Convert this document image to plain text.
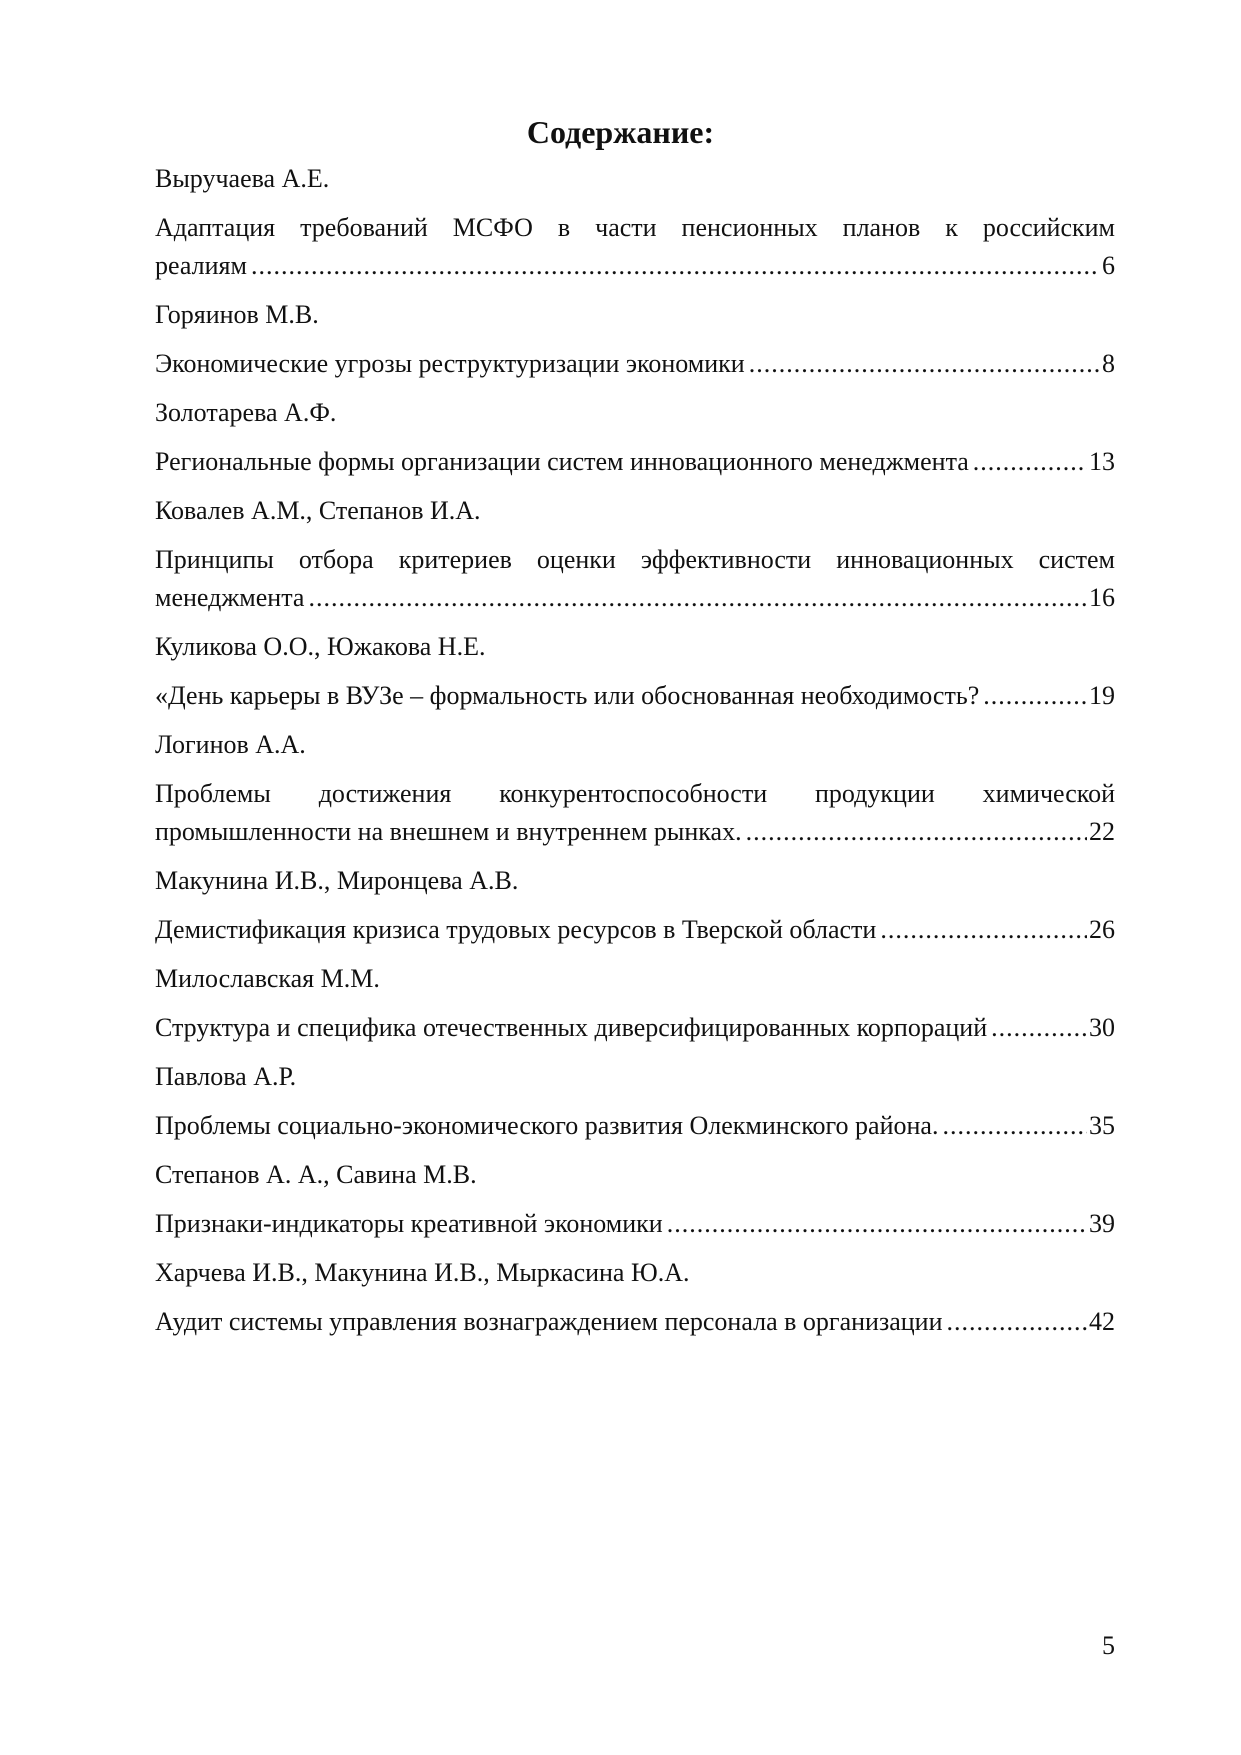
Содержание:
Выручаева А.Е.
Адаптация требований МСФО в части пенсионных планов к российским
реалиям .....	6
Горяинов М.В.
Экономические угрозы реструктуризации экономики .....	8
Золотарева А.Ф.
Региональные формы организации систем инновационного менеджмента .....	13
Ковалев А.М., Степанов И.А.
Принципы отбора критериев оценки эффективности инновационных систем
менеджмента .....	16
Куликова О.О., Южакова Н.Е.
«День карьеры в ВУЗе – формальность или обоснованная необходимость? .....	19
Логинов А.А.
Проблемы достижения конкурентоспособности продукции химической
промышленности на внешнем и внутреннем рынках. .....	22
Макунина И.В., Миронцева А.В.
Демистификация кризиса трудовых ресурсов в Тверской области .....	26
Милославская М.М.
Структура и специфика отечественных диверсифицированных корпораций .....	30
Павлова А.Р.
Проблемы социально-экономического развития Олекминского района. .....	35
Степанов А. А., Савина М.В.
Признаки-индикаторы креативной экономики .....	39
Харчева И.В., Макунина И.В., Мыркасина Ю.А.
Аудит системы управления вознаграждением персонала в организации .....	42
5
